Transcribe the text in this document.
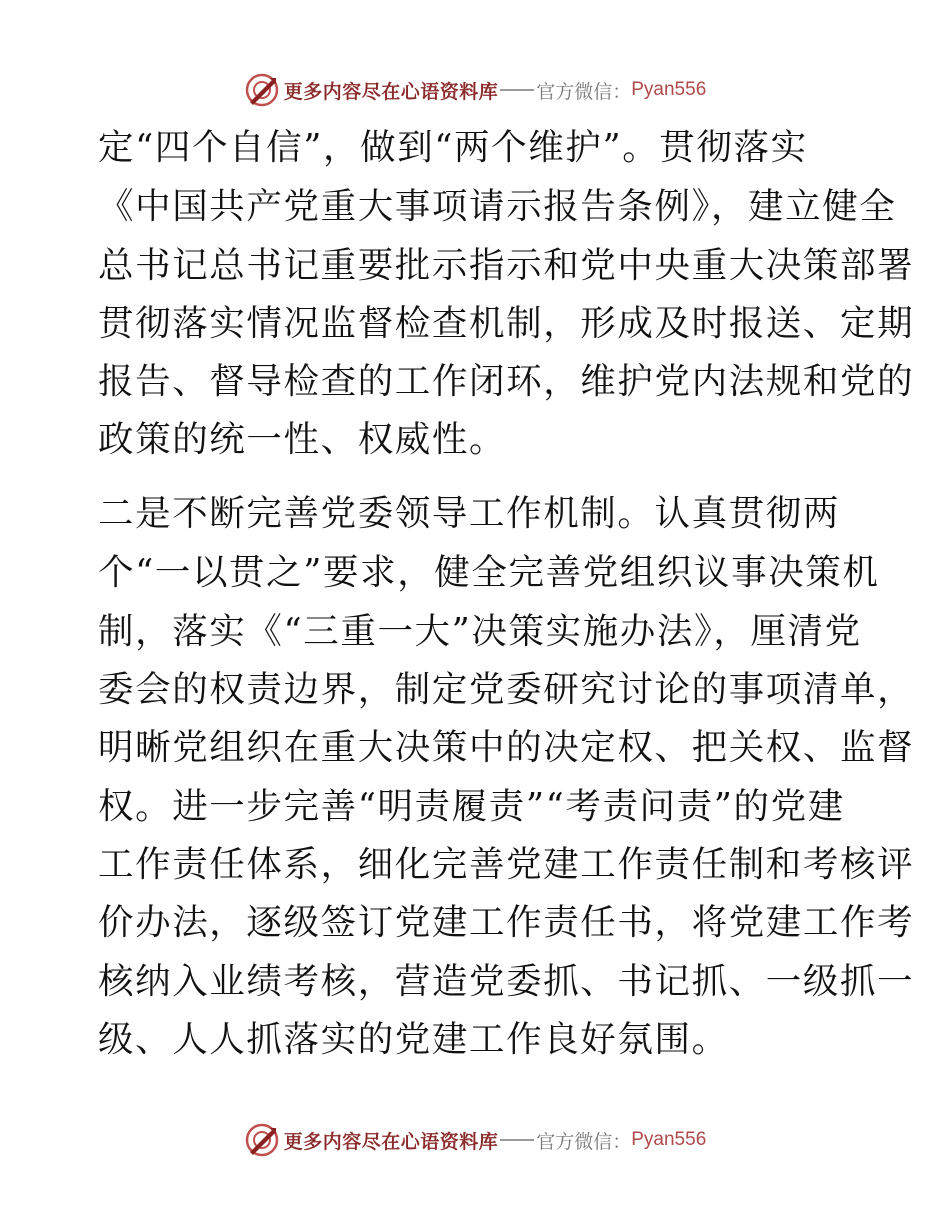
更多内容尽在心语资料库 官方微信： Pyan556
定“四个自信”，做到“两个维护”。贯彻落实
《中国共产党重大事项请示报告条例》，建立健全
总书记总书记重要批示指示和党中央重大决策部署
贯彻落实情况监督检查机制，形成及时报送、定期
报告、督导检查的工作闭环，维护党内法规和党的
政策的统一性、权威性。
二是不断完善党委领导工作机制。认真贯彻两
个“一以贯之”要求，健全完善党组织议事决策机
制，落实《“三重一大”决策实施办法》，厘清党
委会的权责边界，制定党委研究讨论的事项清单，
明晰党组织在重大决策中的决定权、把关权、监督
权。进一步完善“明责履责”“考责问责”的党建
工作责任体系，细化完善党建工作责任制和考核评
价办法，逐级签订党建工作责任书，将党建工作考
核纳入业绩考核，营造党委抓、书记抓、一级抓一
级、人人抓落实的党建工作良好氛围。
更多内容尽在心语资料库 官方微信： Pyan556
